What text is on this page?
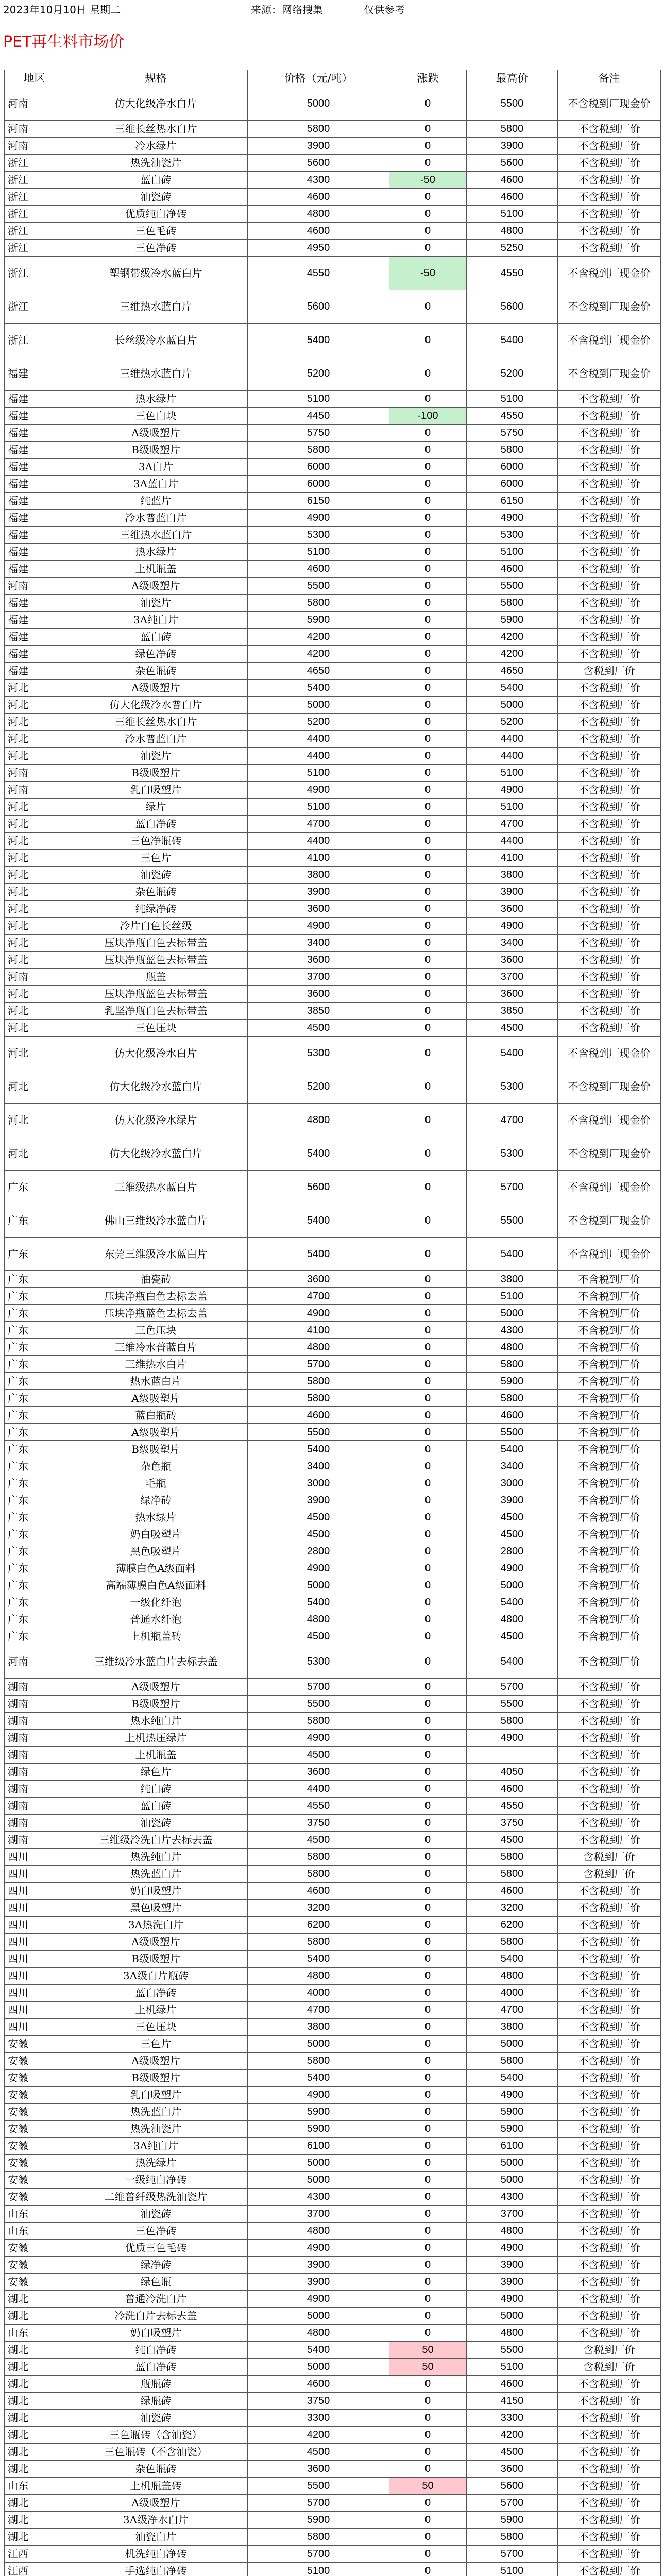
2023年10月10日 星期二	来源：网络搜集	仅供参考
PET再生料市场价
地区	规格	价格（元/吨）	涨跌	最高价	备注
河南	仿大化级净水白片	5000	0	5500	不含税到厂现金价
河南	三维长丝热水白片	5800	0	5800	不含税到厂价
河南	冷水绿片	3900	0	3900	不含税到厂价
浙江	热洗油瓷片	5600	0	5600	不含税到厂价
浙江	蓝白砖	4300	-50	4600	不含税到厂价
浙江	油瓷砖	4600	0	4600	不含税到厂价
浙江	优质纯白净砖	4800	0	5100	不含税到厂价
浙江	三色毛砖	4600	0	4800	不含税到厂价
浙江	三色净砖	4950	0	5250	不含税到厂价
浙江	塑钢带级冷水蓝白片	4550	-50	4550	不含税到厂现金价
浙江	三维热水蓝白片	5600	0	5600	不含税到厂现金价
浙江	长丝级冷水蓝白片	5400	0	5400	不含税到厂现金价
福建	三维热水蓝白片	5200	0	5200	不含税到厂现金价
福建	热水绿片	5100	0	5100	不含税到厂价
福建	三色白块	4450	-100	4550	不含税到厂价
福建	A级吸塑片	5750	0	5750	不含税到厂价
福建	B级吸塑片	5800	0	5800	不含税到厂价
福建	3A白片	6000	0	6000	不含税到厂价
福建	3A蓝白片	6000	0	6000	不含税到厂价
福建	纯蓝片	6150	0	6150	不含税到厂价
福建	冷水普蓝白片	4900	0	4900	不含税到厂价
福建	三维热水蓝白片	5300	0	5300	不含税到厂价
福建	热水绿片	5100	0	5100	不含税到厂价
福建	上机瓶盖	4600	0	4600	不含税到厂价
河南	A级吸塑片	5500	0	5500	不含税到厂价
福建	油瓷片	5800	0	5800	不含税到厂价
福建	3A纯白片	5900	0	5900	不含税到厂价
福建	蓝白砖	4200	0	4200	不含税到厂价
福建	绿色净砖	4200	0	4200	不含税到厂价
福建	杂色瓶砖	4650	0	4650	含税到厂价
河北	A级吸塑片	5400	0	5400	不含税到厂价
河北	仿大化级冷水普白片	5000	0	5000	不含税到厂价
河北	三维长丝热水白片	5200	0	5200	不含税到厂价
河北	冷水普蓝白片	4400	0	4400	不含税到厂价
河北	油瓷片	4400	0	4400	不含税到厂价
河南	B级吸塑片	5100	0	5100	不含税到厂价
河南	乳白吸塑片	4900	0	4900	不含税到厂价
河北	绿片	5100	0	5100	不含税到厂价
河北	蓝白净砖	4700	0	4700	不含税到厂价
河北	三色净瓶砖	4400	0	4400	不含税到厂价
河北	三色片	4100	0	4100	不含税到厂价
河北	油瓷砖	3800	0	3800	不含税到厂价
河北	杂色瓶砖	3900	0	3900	不含税到厂价
河北	纯绿净砖	3600	0	3600	不含税到厂价
河北	冷片白色长丝级	4900	0	4900	不含税到厂价
河北	压块净瓶白色去标带盖	3400	0	3400	不含税到厂价
河北	压块净瓶蓝色去标带盖	3600	0	3600	不含税到厂价
河南	瓶盖	3700	0	3700	不含税到厂价
河北	压块净瓶蓝色去标带盖	3600	0	3600	不含税到厂价
河北	乳坚净瓶白色去标带盖	3850	0	3850	不含税到厂价
河北	三色压块	4500	0	4500	不含税到厂价
河北	仿大化级冷水白片	5300	0	5400	不含税到厂现金价
河北	仿大化级冷水蓝白片	5200	0	5300	不含税到厂现金价
河北	仿大化级冷水绿片	4800	0	4700	不含税到厂现金价
河北	仿大化级冷水蓝白片	5400	0	5300	不含税到厂现金价
广东	三维级热水蓝白片	5600	0	5700	不含税到厂现金价
广东	佛山三维级冷水蓝白片	5400	0	5500	不含税到厂现金价
广东	东莞三维级冷水蓝白片	5400	0	5400	不含税到厂现金价
广东	油瓷砖	3600	0	3800	不含税到厂价
广东	压块净瓶白色去标去盖	4700	0	5100	不含税到厂价
广东	压块净瓶蓝色去标去盖	4900	0	5000	不含税到厂价
广东	三色压块	4100	0	4300	不含税到厂价
广东	三维冷水普蓝白片	4800	0	4800	不含税到厂价
广东	三维热水白片	5700	0	5800	不含税到厂价
广东	热水蓝白片	5800	0	5900	不含税到厂价
广东	A级吸塑片	5800	0	5800	不含税到厂价
广东	蓝白瓶砖	4600	0	4600	不含税到厂价
广东	A级吸塑片	5500	0	5500	不含税到厂价
广东	B级吸塑片	5400	0	5400	不含税到厂价
广东	杂色瓶	3400	0	3400	不含税到厂价
广东	毛瓶	3000	0	3000	不含税到厂价
广东	绿净砖	3900	0	3900	不含税到厂价
广东	热水绿片	4500	0	4500	不含税到厂价
广东	奶白吸塑片	4500	0	4500	不含税到厂价
广东	黑色吸塑片	2800	0	2800	不含税到厂价
广东	薄膜白色A级面料	4900	0	4900	不含税到厂价
广东	高端薄膜白色A级面料	5000	0	5000	不含税到厂价
广东	一级化纤泡	5400	0	5400	不含税到厂价
广东	普通水纤泡	4800	0	4800	不含税到厂价
广东	上机瓶盖砖	4500	0	4500	不含税到厂价
河南	三维级冷水蓝白片去标去盖	5300	0	5400	不含税到厂价
湖南	A级吸塑片	5700	0	5700	不含税到厂价
湖南	B级吸塑片	5500	0	5500	不含税到厂价
湖南	热水纯白片	5800	0	5800	不含税到厂价
湖南	上机热压绿片	4900	0	4900	不含税到厂价
湖南	上机瓶盖	4500	0		不含税到厂价
湖南	绿色片	3600	0	4050	不含税到厂价
湖南	纯白砖	4400	0	4600	不含税到厂价
湖南	蓝白砖	4550	0	4550	不含税到厂价
湖南	油瓷砖	3750	0	3750	不含税到厂价
湖南	三维级冷洗白片去标去盖	4500	0	4500	不含税到厂价
四川	热洗纯白片	5800	0	5800	含税到厂价
四川	热洗蓝白片	5800	0	5800	含税到厂价
四川	奶白吸塑片	4600	0	4600	不含税到厂价
四川	黑色吸塑片	3200	0	3200	不含税到厂价
四川	3A热洗白片	6200	0	6200	不含税到厂价
四川	A级吸塑片	5800	0	5800	不含税到厂价
四川	B级吸塑片	5400	0	5400	不含税到厂价
四川	3A级白片瓶砖	4800	0	4800	不含税到厂价
四川	蓝白净砖	4000	0	4000	不含税到厂价
四川	上机绿片	4700	0	4700	不含税到厂价
四川	三色压块	3800	0	3800	不含税到厂价
安徽	三色片	5000	0	5000	不含税到厂价
安徽	A级吸塑片	5800	0	5800	不含税到厂价
安徽	B级吸塑片	5400	0	5400	不含税到厂价
安徽	乳白吸塑片	4900	0	4900	不含税到厂价
安徽	热洗蓝白片	5900	0	5900	不含税到厂价
安徽	热洗油瓷片	5900	0	5900	不含税到厂价
安徽	3A纯白片	6100	0	6100	不含税到厂价
安徽	热洗绿片	5000	0	5000	不含税到厂价
安徽	一级纯白净砖	5000	0	5000	不含税到厂价
安徽	二维普纤级热洗油瓷片	4300	0	4300	不含税到厂价
山东	油瓷砖	3700	0	3700	不含税到厂价
山东	三色净砖	4800	0	4800	不含税到厂价
安徽	优质三色毛砖	4900	0	4900	不含税到厂价
安徽	绿净砖	3900	0	3900	不含税到厂价
安徽	绿色瓶	3900	0	3900	不含税到厂价
湖北	普通冷洗白片	4900	0	4900	不含税到厂价
湖北	冷洗白片去标去盖	5000	0	5000	不含税到厂价
山东	奶白吸塑片	4800	0	4800	不含税到厂价
湖北	纯白净砖	5400	50	5500	含税到厂价
湖北	蓝白净砖	5000	50	5100	含税到厂价
湖北	瓶瓶砖	4600	0	4600	不含税到厂价
湖北	绿瓶砖	3750	0	4150	不含税到厂价
湖北	油瓷砖	3300	0	3300	不含税到厂价
湖北	三色瓶砖（含油瓷）	4200	0	4200	不含税到厂价
湖北	三色瓶砖（不含油瓷）	4500	0	4500	不含税到厂价
湖北	杂色瓶砖	3600	0	3600	不含税到厂价
山东	上机瓶盖砖	5500	50	5600	不含税到厂价
湖北	A级吸塑片	5700	0	5700	不含税到厂价
湖北	3A级净水白片	5900	0	5900	不含税到厂价
湖北	油瓷白片	5800	0	5800	不含税到厂价
江西	机洗纯白净砖	5700	0	5700	不含税到厂价
江西	手选纯白净砖	5100	0	5100	不含税到厂价
